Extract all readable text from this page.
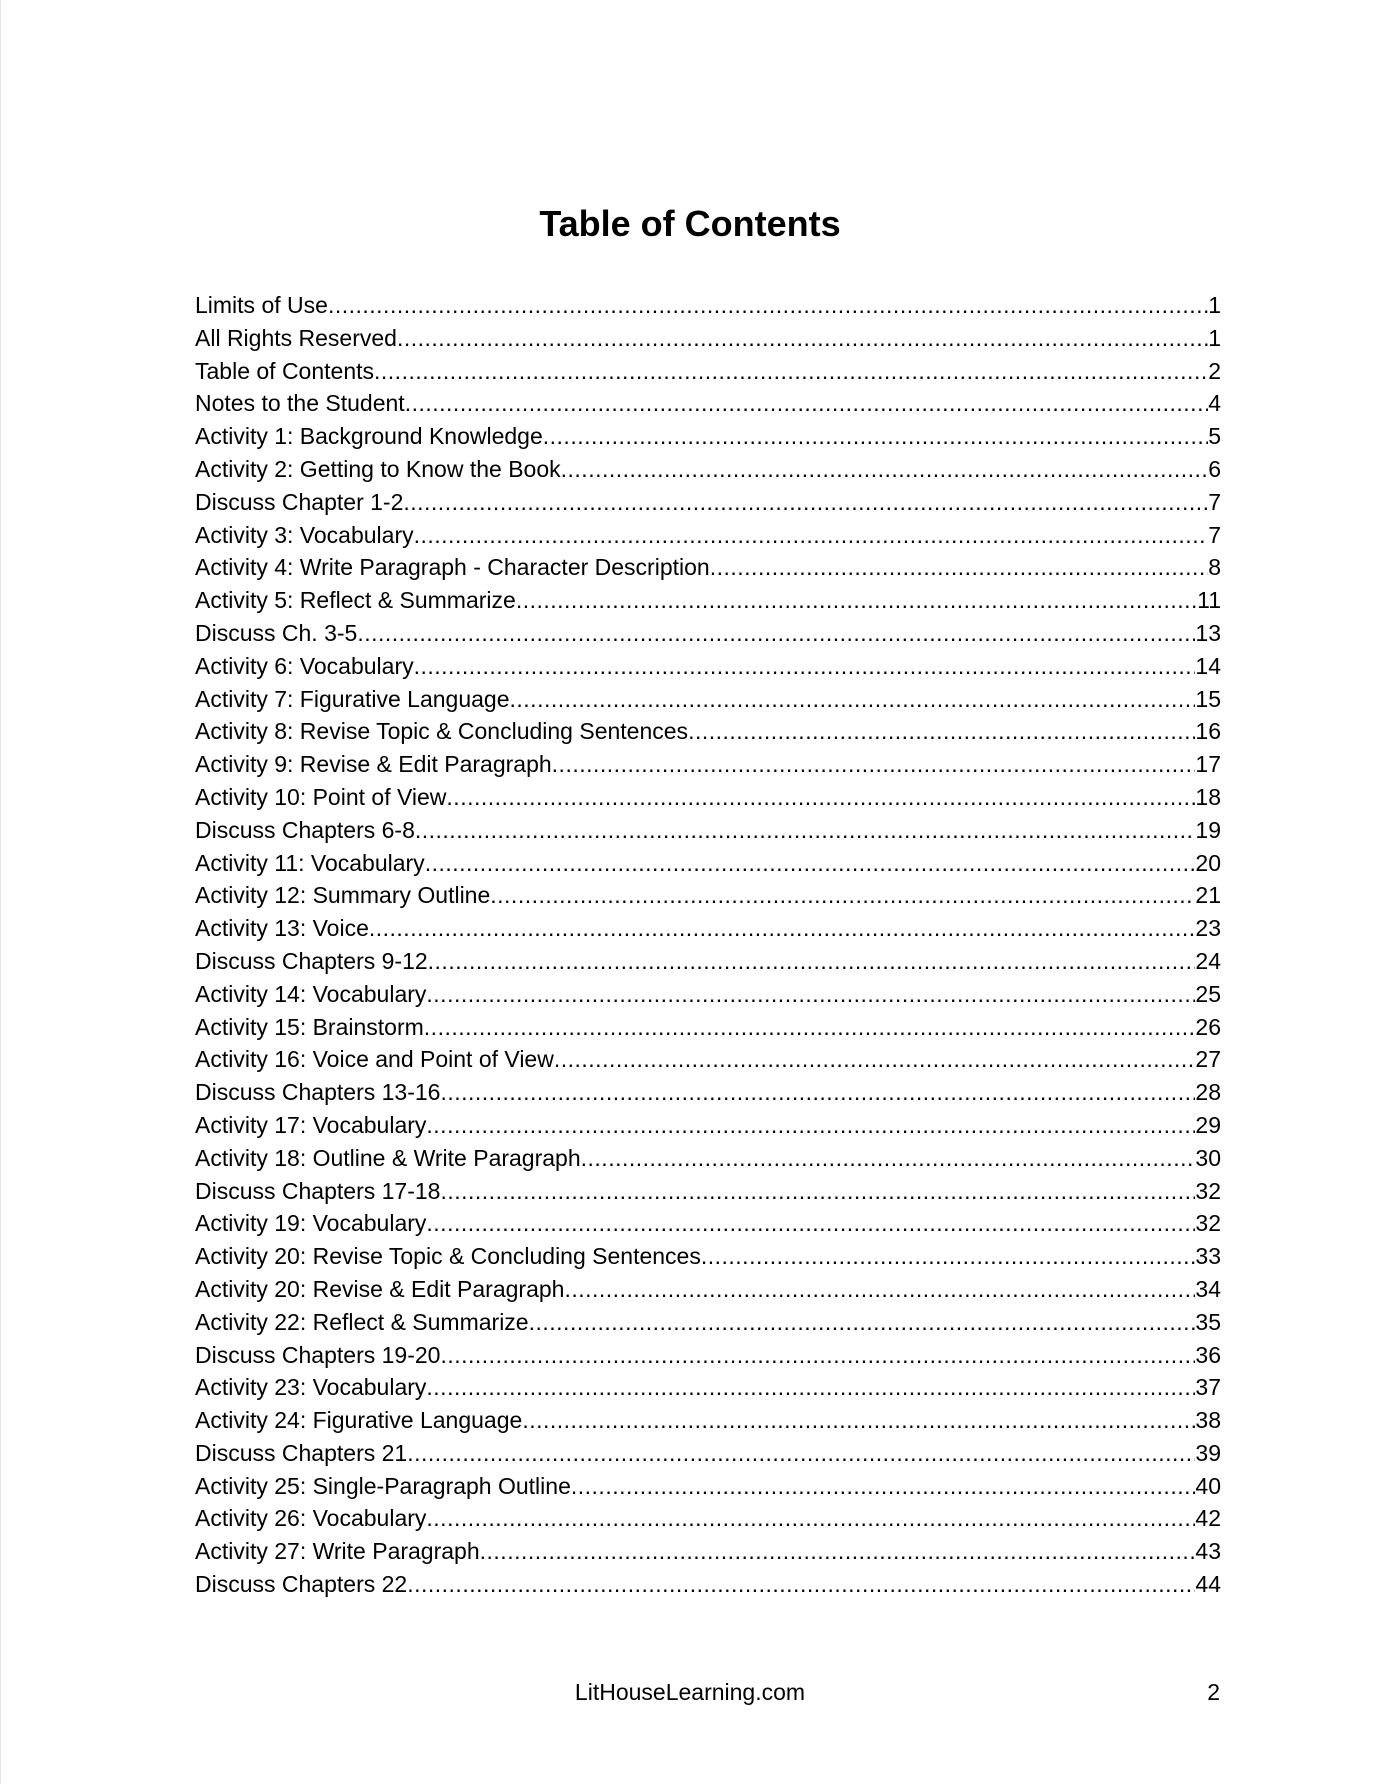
Table of Contents
Limits of Use .....	1
All Rights Reserved .....	1
Table of Contents .....	2
Notes to the Student .....	4
Activity 1: Background Knowledge .....	5
Activity 2: Getting to Know the Book .....	6
Discuss Chapter 1-2 .....	7
Activity 3: Vocabulary .....	7
Activity 4: Write Paragraph - Character Description .....	8
Activity 5: Reflect & Summarize .....	11
Discuss Ch. 3-5 .....	13
Activity 6: Vocabulary .....	14
Activity 7: Figurative Language .....	15
Activity 8: Revise Topic & Concluding Sentences .....	16
Activity 9: Revise & Edit Paragraph .....	17
Activity 10: Point of View .....	18
Discuss Chapters 6-8 .....	19
Activity 11: Vocabulary .....	20
Activity 12: Summary Outline .....	21
Activity 13: Voice .....	23
Discuss Chapters 9-12 .....	24
Activity 14: Vocabulary .....	25
Activity 15: Brainstorm .....	26
Activity 16: Voice and Point of View .....	27
Discuss Chapters 13-16 .....	28
Activity 17: Vocabulary .....	29
Activity 18: Outline & Write Paragraph .....	30
Discuss Chapters 17-18 .....	32
Activity 19: Vocabulary .....	32
Activity 20: Revise Topic & Concluding Sentences .....	33
Activity 20: Revise & Edit Paragraph .....	34
Activity 22: Reflect & Summarize .....	35
Discuss Chapters 19-20 .....	36
Activity 23: Vocabulary .....	37
Activity 24: Figurative Language .....	38
Discuss Chapters 21 .....	39
Activity 25: Single-Paragraph Outline .....	40
Activity 26: Vocabulary .....	42
Activity 27: Write Paragraph .....	43
Discuss Chapters 22 .....	44
LitHouseLearning.com	2
